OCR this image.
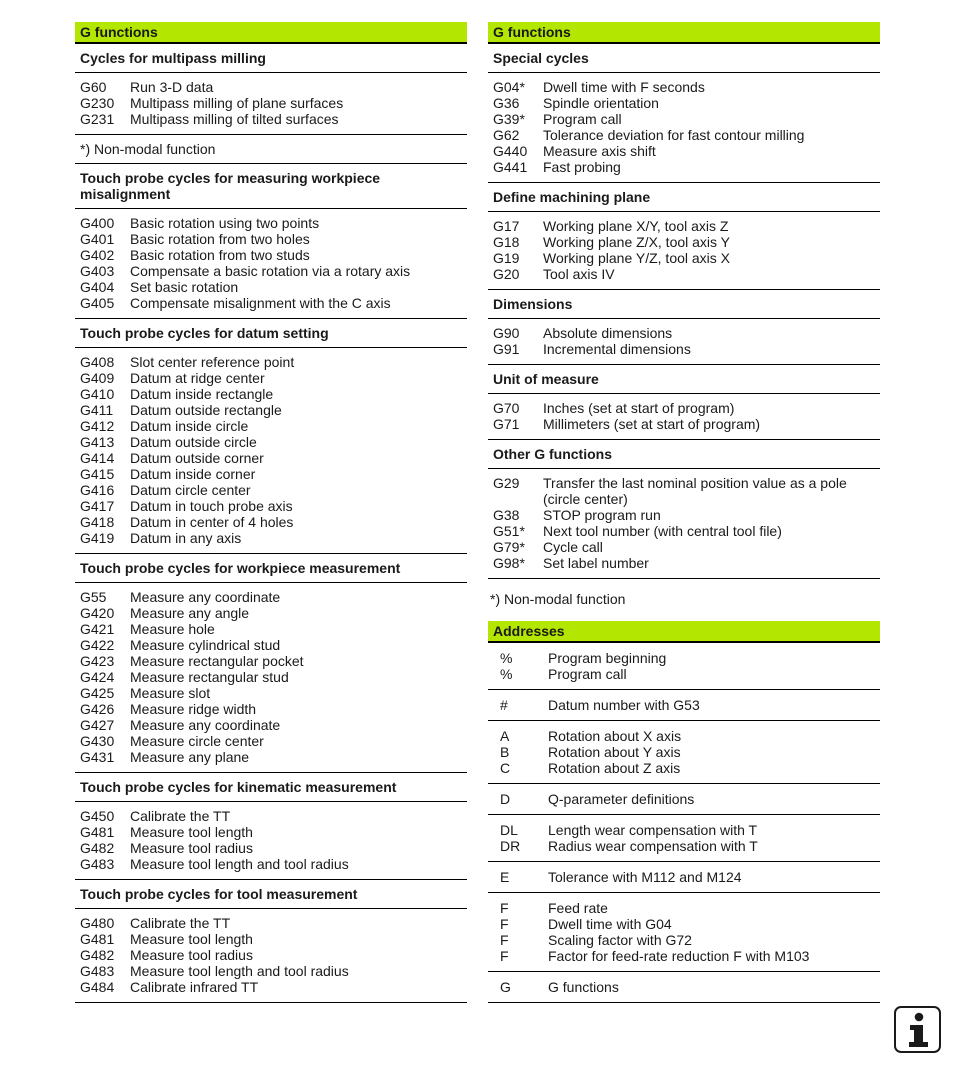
G functions
Cycles for multipass milling
G60	Run 3-D data
G230	Multipass milling of plane surfaces
G231	Multipass milling of tilted surfaces
*) Non-modal function
Touch probe cycles for measuring workpiece misalignment
G400	Basic rotation using two points
G401	Basic rotation from two holes
G402	Basic rotation from two studs
G403	Compensate a basic rotation via a rotary axis
G404	Set basic rotation
G405	Compensate misalignment with the C axis
Touch probe cycles for datum setting
G408	Slot center reference point
G409	Datum at ridge center
G410	Datum inside rectangle
G411	Datum outside rectangle
G412	Datum inside circle
G413	Datum outside circle
G414	Datum outside corner
G415	Datum inside corner
G416	Datum circle center
G417	Datum in touch probe axis
G418	Datum in center of 4 holes
G419	Datum in any axis
Touch probe cycles for workpiece measurement
G55	Measure any coordinate
G420	Measure any angle
G421	Measure hole
G422	Measure cylindrical stud
G423	Measure rectangular pocket
G424	Measure rectangular stud
G425	Measure slot
G426	Measure ridge width
G427	Measure any coordinate
G430	Measure circle center
G431	Measure any plane
Touch probe cycles for kinematic measurement
G450	Calibrate the TT
G481	Measure tool length
G482	Measure tool radius
G483	Measure tool length and tool radius
Touch probe cycles for tool measurement
G480	Calibrate the TT
G481	Measure tool length
G482	Measure tool radius
G483	Measure tool length and tool radius
G484	Calibrate infrared TT
G functions
Special cycles
G04*	Dwell time with F seconds
G36	Spindle orientation
G39*	Program call
G62	Tolerance deviation for fast contour milling
G440	Measure axis shift
G441	Fast probing
Define machining plane
G17	Working plane X/Y, tool axis Z
G18	Working plane Z/X, tool axis Y
G19	Working plane Y/Z, tool axis X
G20	Tool axis IV
Dimensions
G90	Absolute dimensions
G91	Incremental dimensions
Unit of measure
G70	Inches (set at start of program)
G71	Millimeters (set at start of program)
Other G functions
G29	Transfer the last nominal position value as a pole
(circle center)
G38	STOP program run
G51*	Next tool number (with central tool file)
G79*	Cycle call
G98*	Set label number
*) Non-modal function
Addresses
%	Program beginning
%	Program call
#	Datum number with G53
A	Rotation about X axis
B	Rotation about Y axis
C	Rotation about Z axis
D	Q-parameter definitions
DL	Length wear compensation with T
DR	Radius wear compensation with T
E	Tolerance with M112 and M124
F	Feed rate
F	Dwell time with G04
F	Scaling factor with G72
F	Factor for feed-rate reduction F with M103
G	G functions
